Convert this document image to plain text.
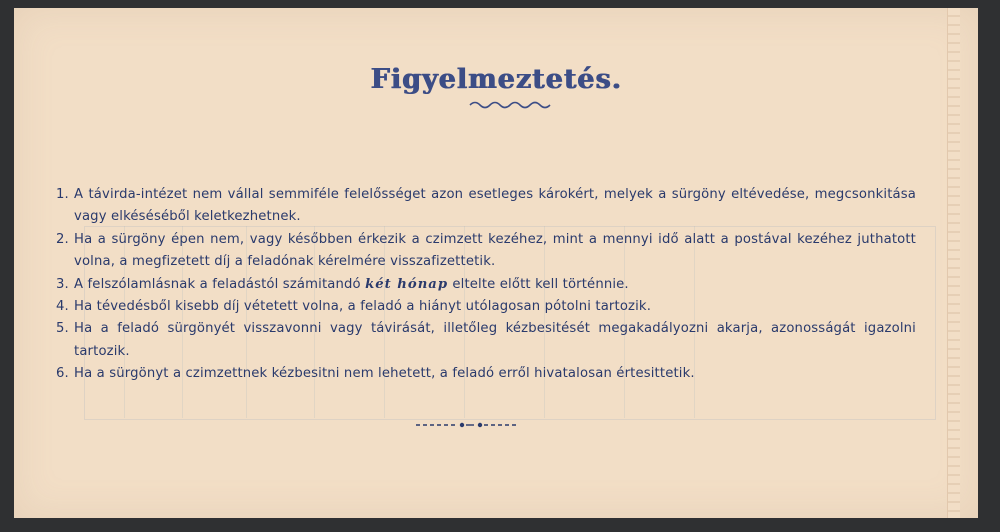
Figyelmeztetés.
1. A távirda-intézet nem vállal semmiféle felelősséget azon esetleges károkért, melyek a sürgöny eltévedése, megcsonkitása vagy elkéséséből keletkezhetnek.
2. Ha a sürgöny épen nem, vagy későbben érkezik a czimzett kezéhez, mint a mennyi idő alatt a postával kezéhez juthatott volna, a megfizetett díj a feladónak kérelmére visszafizettetik.
3. A felszólamlásnak a feladástól számitandó két hónap eltelte előtt kell történnie.
4. Ha tévedésből kisebb díj vétetett volna, a feladó a hiányt utólagosan pótolni tartozik.
5. Ha a feladó sürgönyét visszavonni vagy távirását, illetőleg kézbesitését megakadályozni akarja, azonosságát igazolni tartozik.
6. Ha a sürgönyt a czimzettnek kézbesitni nem lehetett, a feladó erről hivatalosan értesittetik.
